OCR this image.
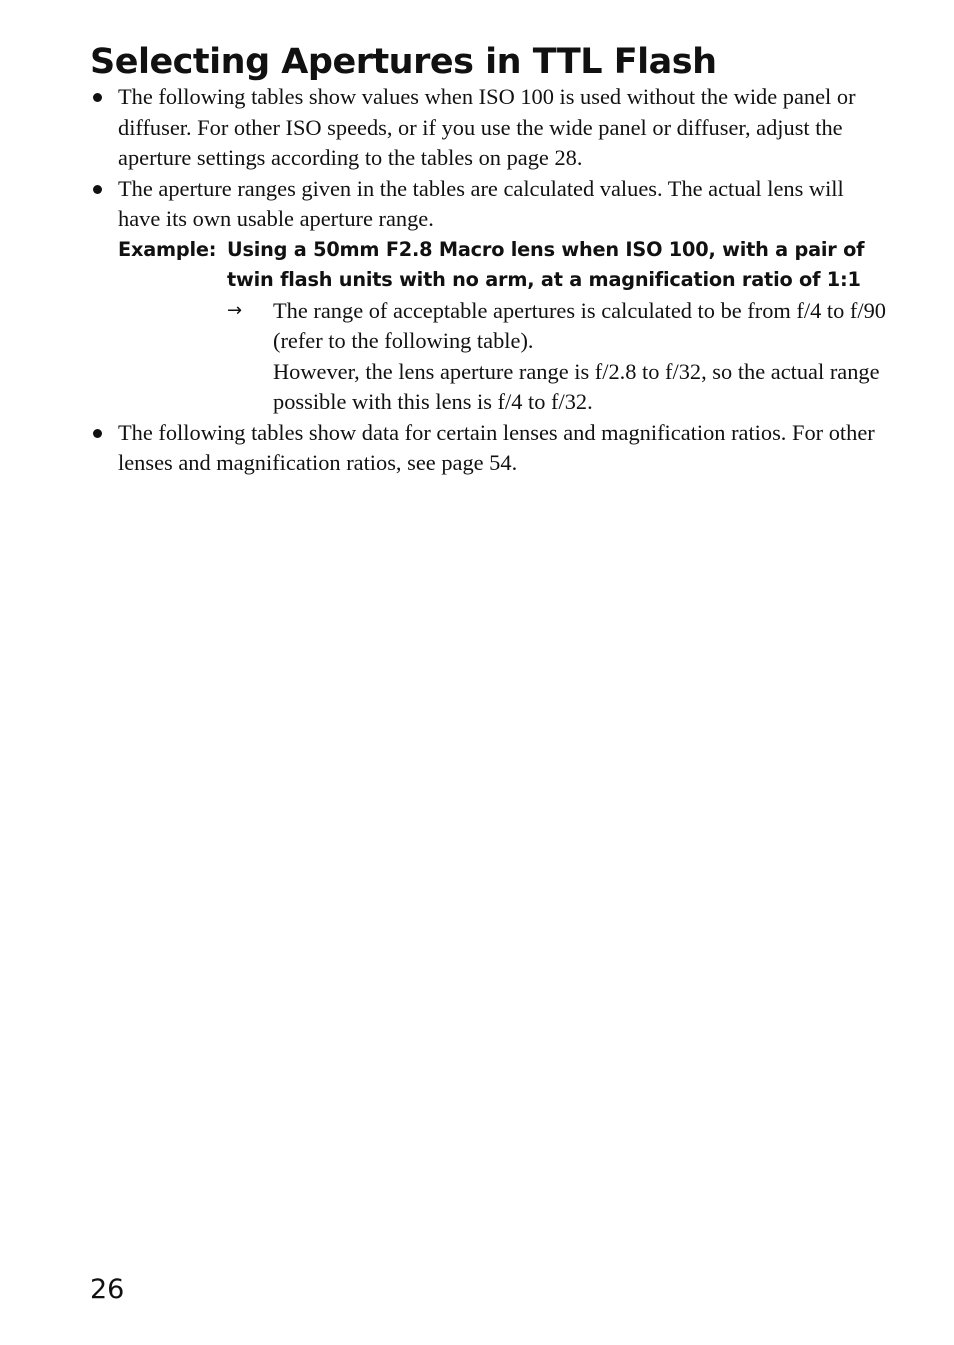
Selecting Apertures in TTL Flash
The following tables show values when ISO 100 is used without the wide panel or diffuser. For other ISO speeds, or if you use the wide panel or diffuser, adjust the aperture settings according to the tables on page 28.
The aperture ranges given in the tables are calculated values. The actual lens will have its own usable aperture range.
Example: Using a 50mm F2.8 Macro lens when ISO 100, with a pair of twin flash units with no arm, at a magnification ratio of 1:1
→ The range of acceptable apertures is calculated to be from f/4 to f/90 (refer to the following table).
However, the lens aperture range is f/2.8 to f/32, so the actual range possible with this lens is f/4 to f/32.
The following tables show data for certain lenses and magnification ratios. For other lenses and magnification ratios, see page 54.
26
